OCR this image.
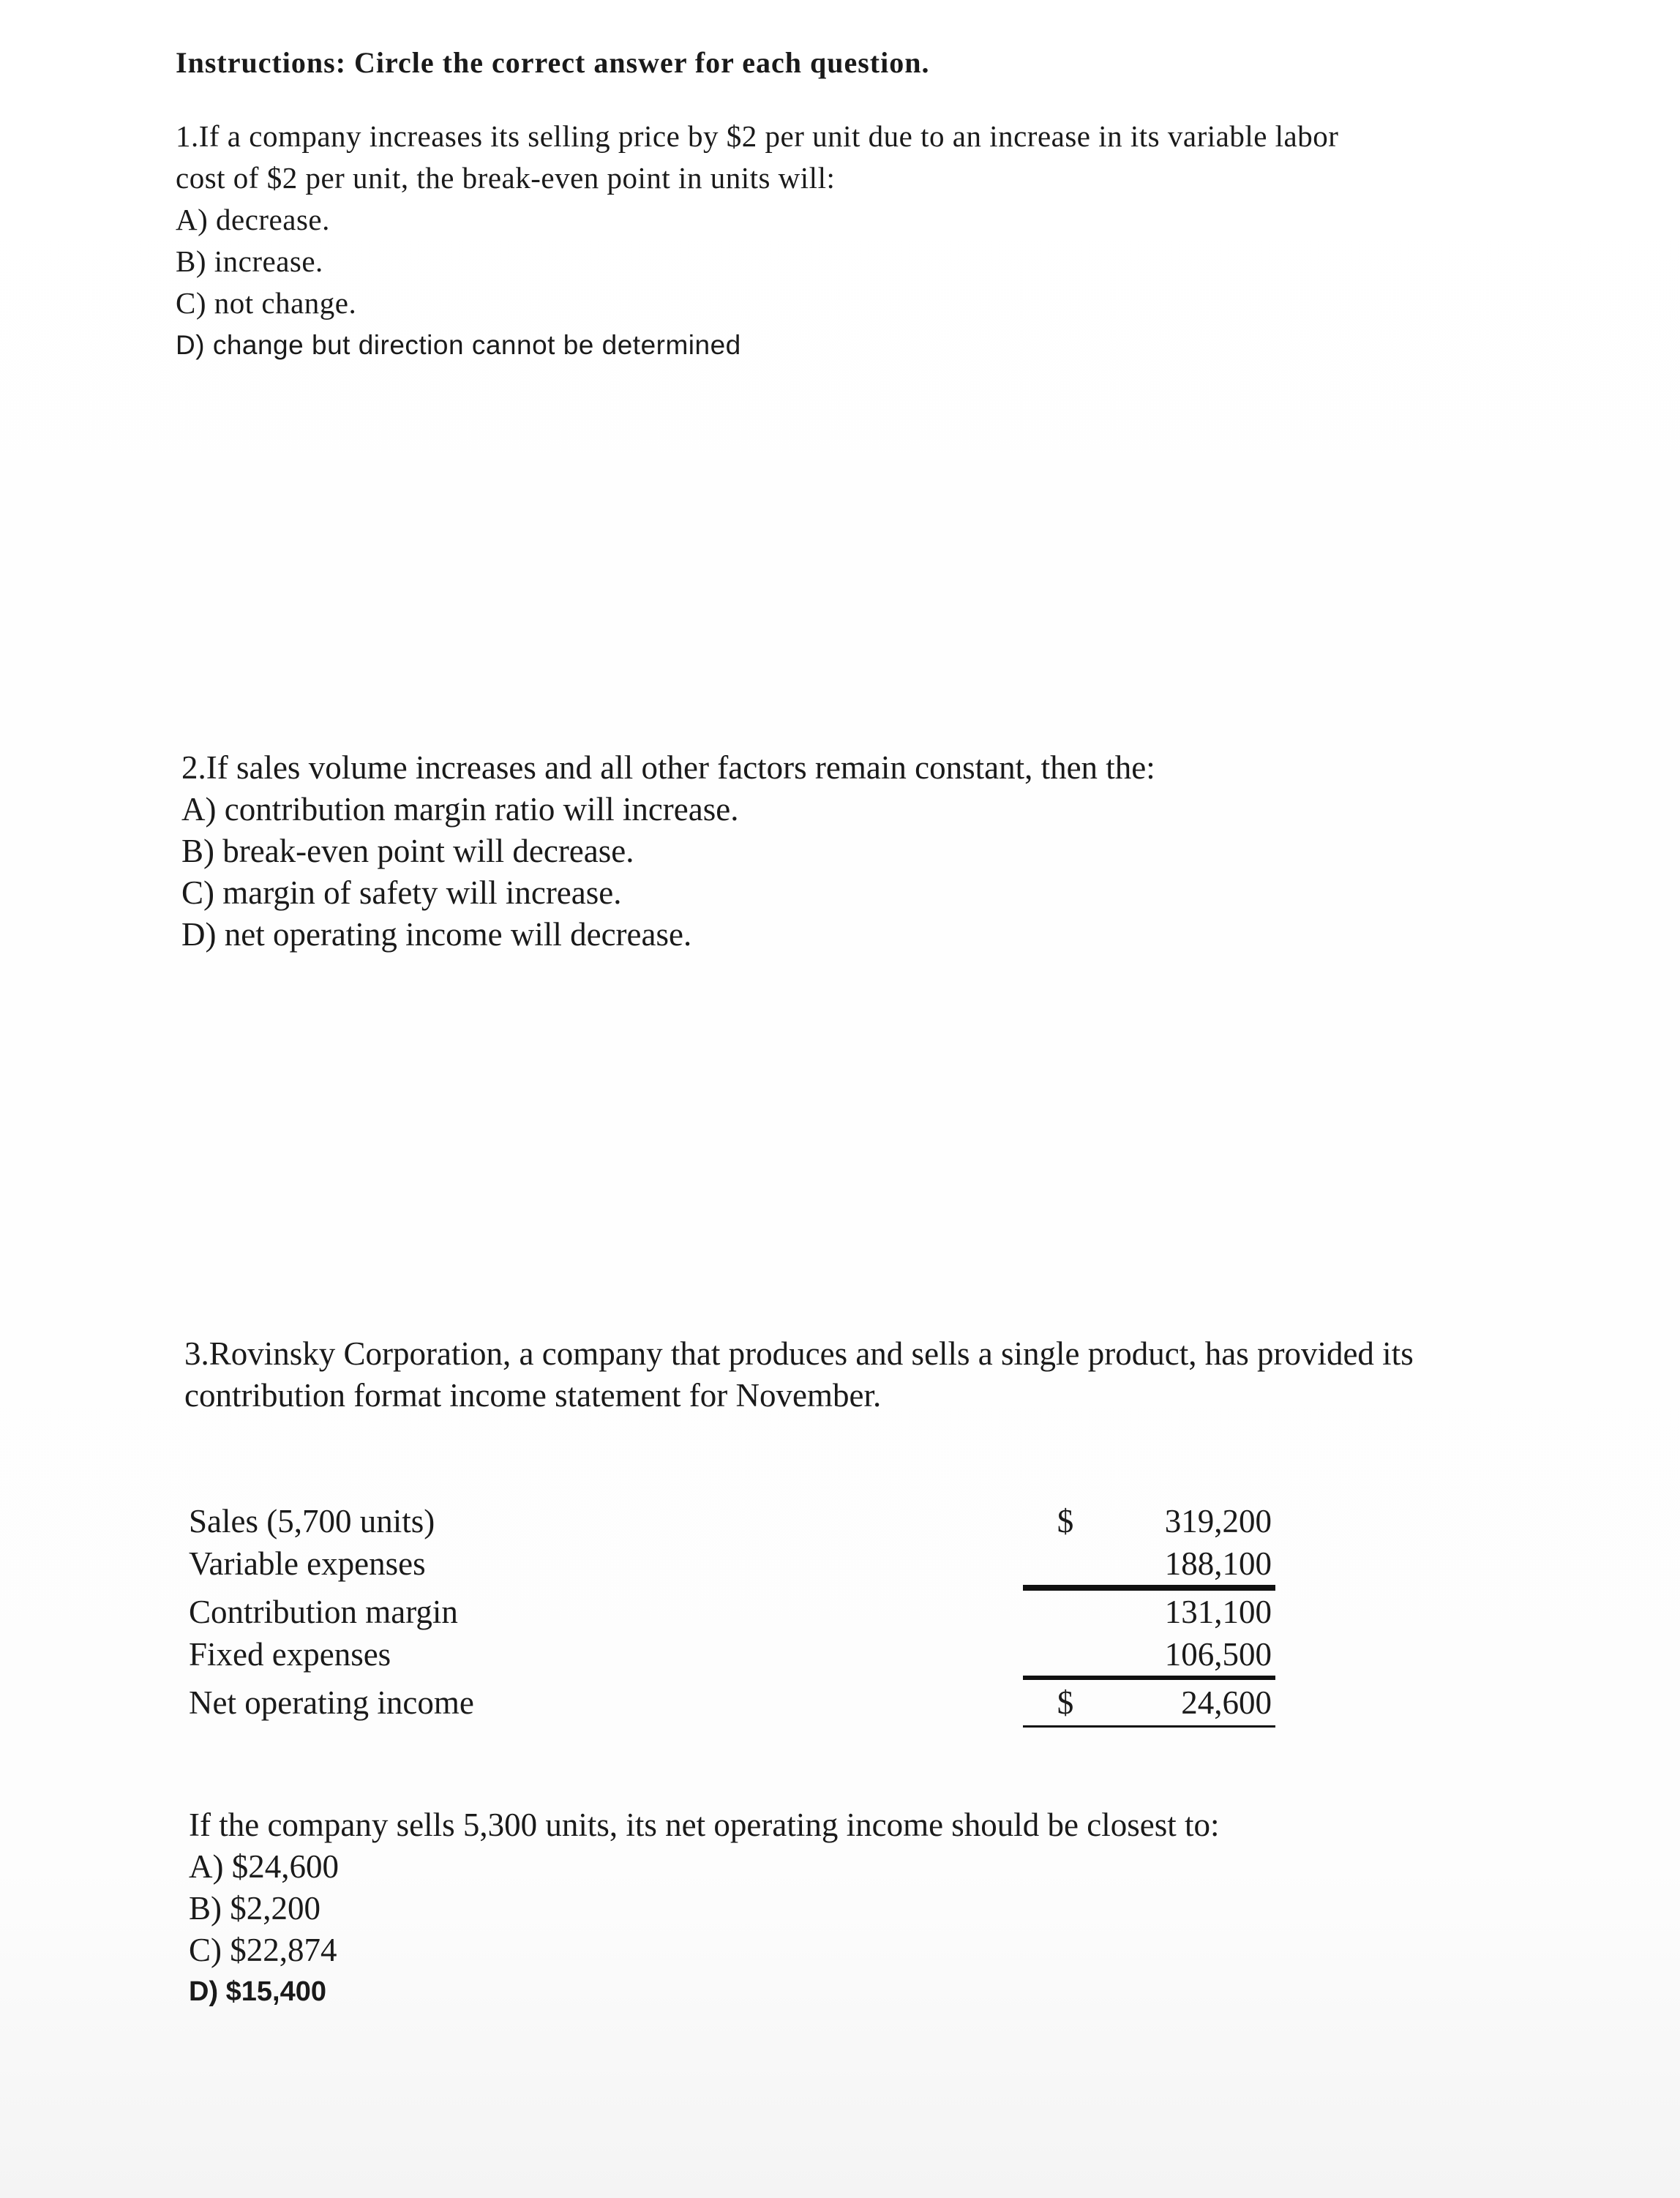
Instructions: Circle the correct answer for each question.
1.If a company increases its selling price by $2 per unit due to an increase in its variable labor
cost of $2 per unit, the break-even point in units will:
A) decrease.
B) increase.
C) not change.
D) change but direction cannot be determined
2.If sales volume increases and all other factors remain constant, then the:
A) contribution margin ratio will increase.
B) break-even point will decrease.
C) margin of safety will increase.
D) net operating income will decrease.
3.Rovinsky Corporation, a company that produces and sells a single product, has provided its
contribution format income statement for November.
Sales (5,700 units)	$	319,200
Variable expenses	188,100
Contribution margin	131,100
Fixed expenses	106,500
Net operating income	$	24,600
If the company sells 5,300 units, its net operating income should be closest to:
A) $24,600
B) $2,200
C) $22,874
D) $15,400
